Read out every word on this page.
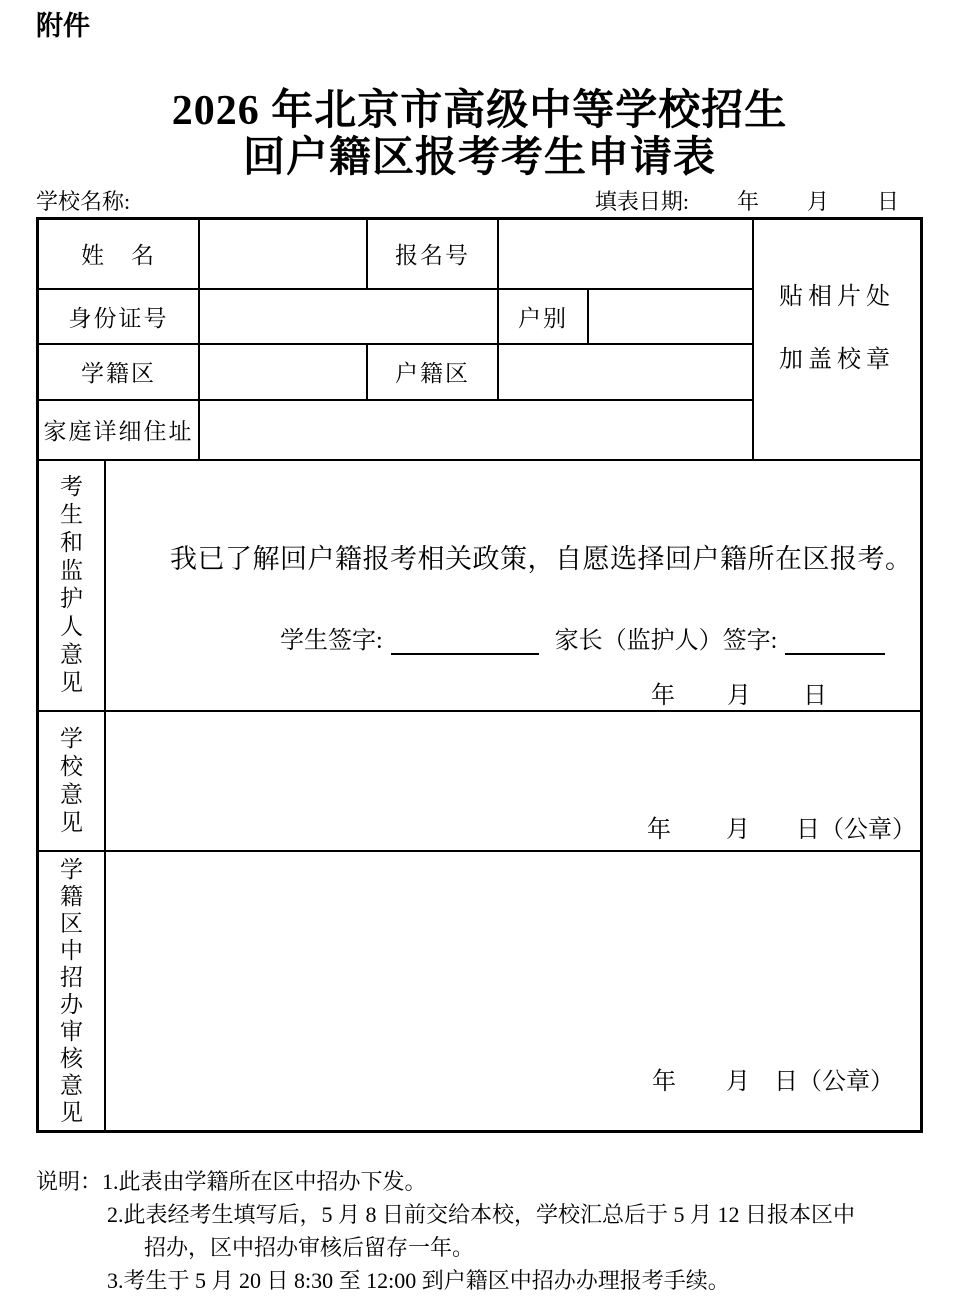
附件
2026 年北京市高级中等学校招生
回户籍区报考考生申请表
学校名称:	填表日期: 年 月 日
姓　名	报名号
身份证号	户别
学籍区	户籍区
家庭详细住址
贴相片处
加盖校章
考生和监护人意见
我已了解回户籍报考相关政策，自愿选择回户籍所在区报考。
学生签字:	家长（监护人）签字:
年 月 日
学校意见	年 月 日（公章）
学籍区中招办审核意见
年 月 日（公章）
说明：1.此表由学籍所在区中招办下发。
2.此表经考生填写后，5 月 8 日前交给本校，学校汇总后于 5 月 12 日报本区中
招办，区中招办审核后留存一年。
3.考生于 5 月 20 日 8:30 至 12:00 到户籍区中招办办理报考手续。
